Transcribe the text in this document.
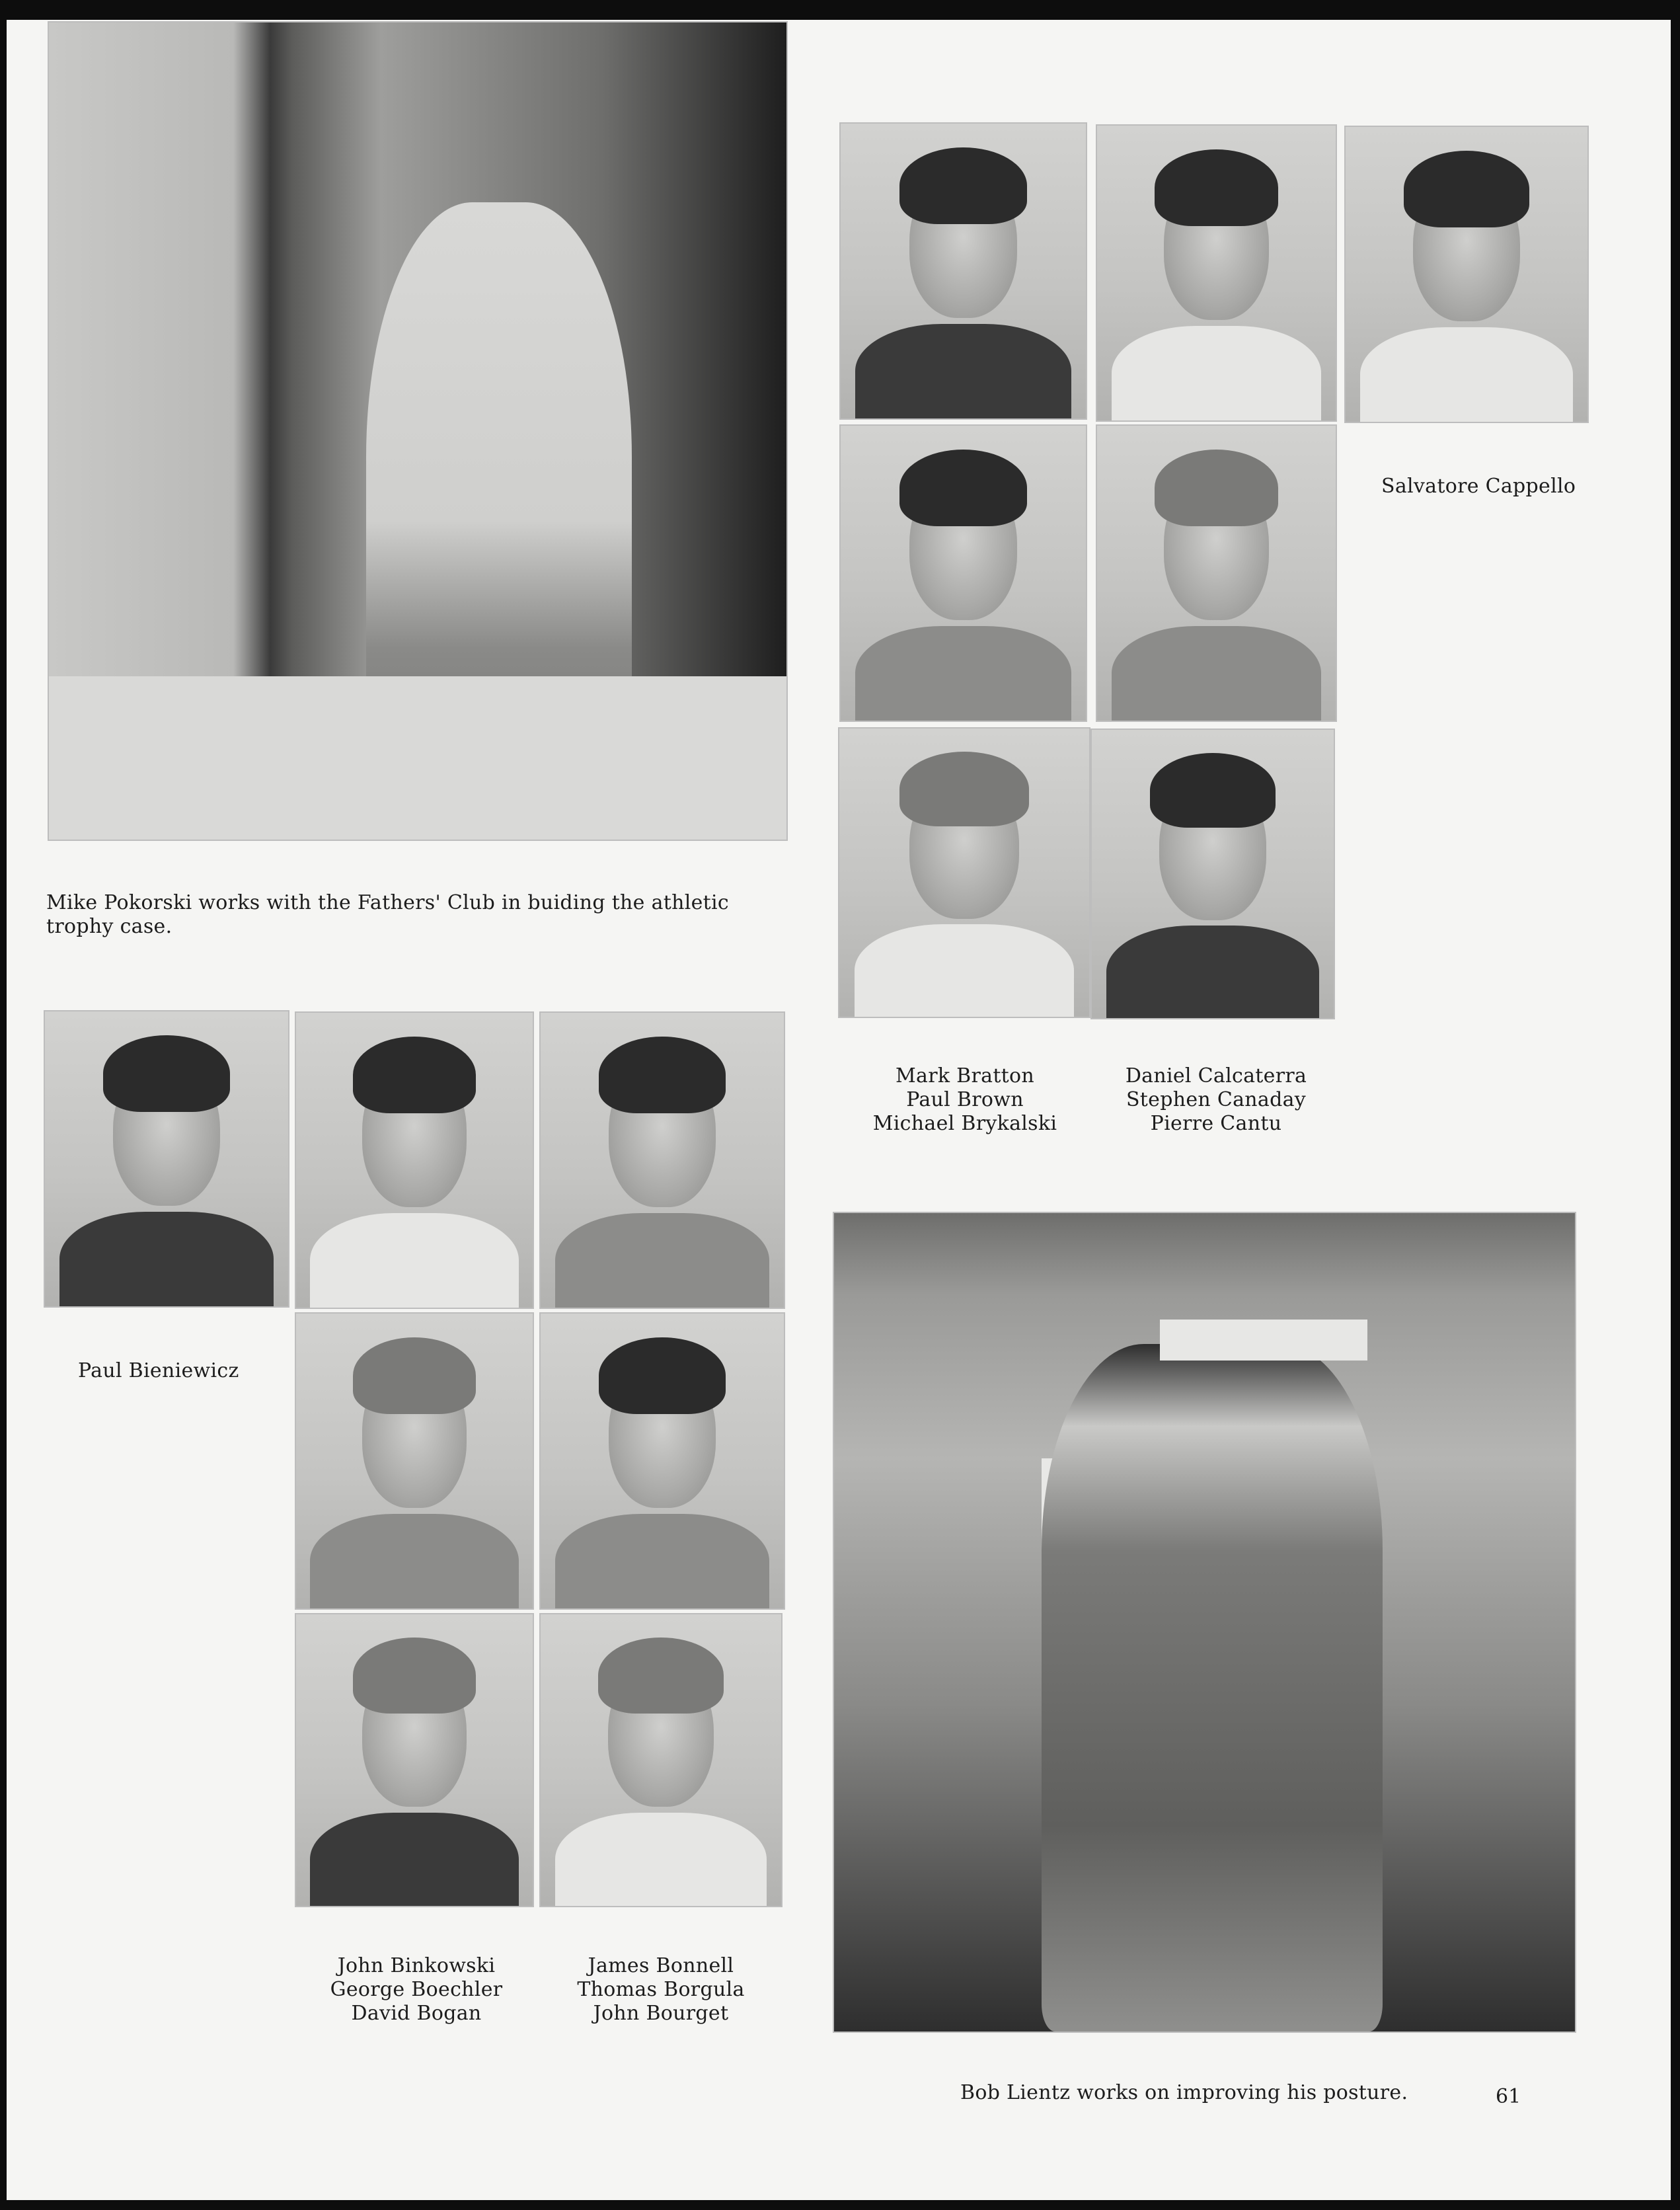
Mike Pokorski works with the Fathers' Club in buiding the athletic trophy case.
Salvatore Cappello
Mark Bratton
Paul Brown
Michael Brykalski
Daniel Calcaterra
Stephen Canaday
Pierre Cantu
Paul Bieniewicz
John Binkowski
George Boechler
David Bogan
James Bonnell
Thomas Borgula
John Bourget
Bob Lientz works on improving his posture.	61
